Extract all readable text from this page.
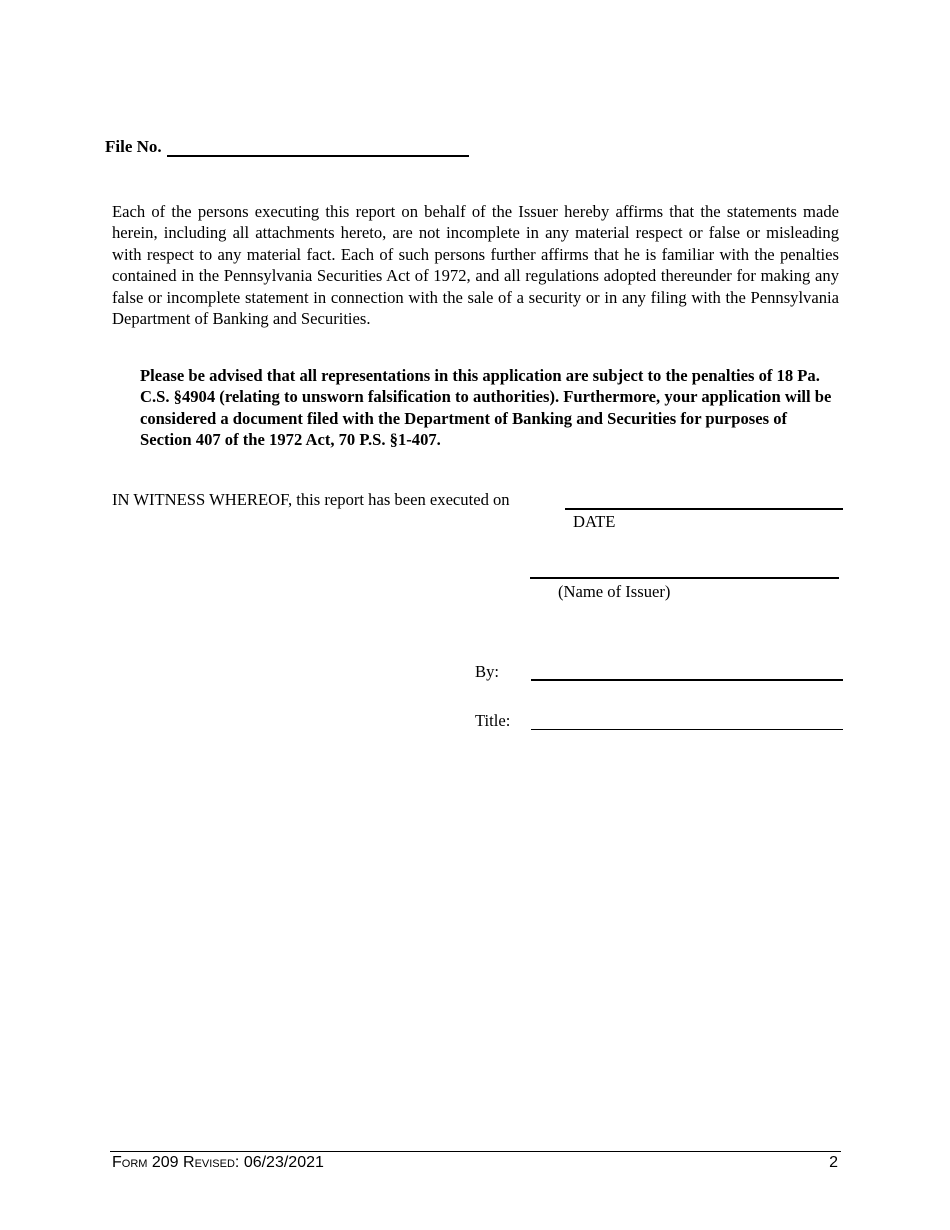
File No.

Each of the persons executing this report on behalf of the Issuer hereby affirms that the statements made herein, including all attachments hereto, are not incomplete in any material respect or false or misleading with respect to any material fact. Each of such persons further affirms that he is familiar with the penalties contained in the Pennsylvania Securities Act of 1972, and all regulations adopted thereunder for making any false or incomplete statement in connection with the sale of a security or in any filing with the Pennsylvania Department of Banking and Securities.

Please be advised that all representations in this application are subject to the penalties of 18 Pa. C.S. §4904 (relating to unsworn falsification to authorities). Furthermore, your application will be considered a document filed with the Department of Banking and Securities for purposes of Section 407 of the 1972 Act, 70 P.S. §1-407.

IN WITNESS WHEREOF, this report has been executed on
DATE
(Name of Issuer)
By:
Title:
Form 209 Revised: 06/23/2021	2
